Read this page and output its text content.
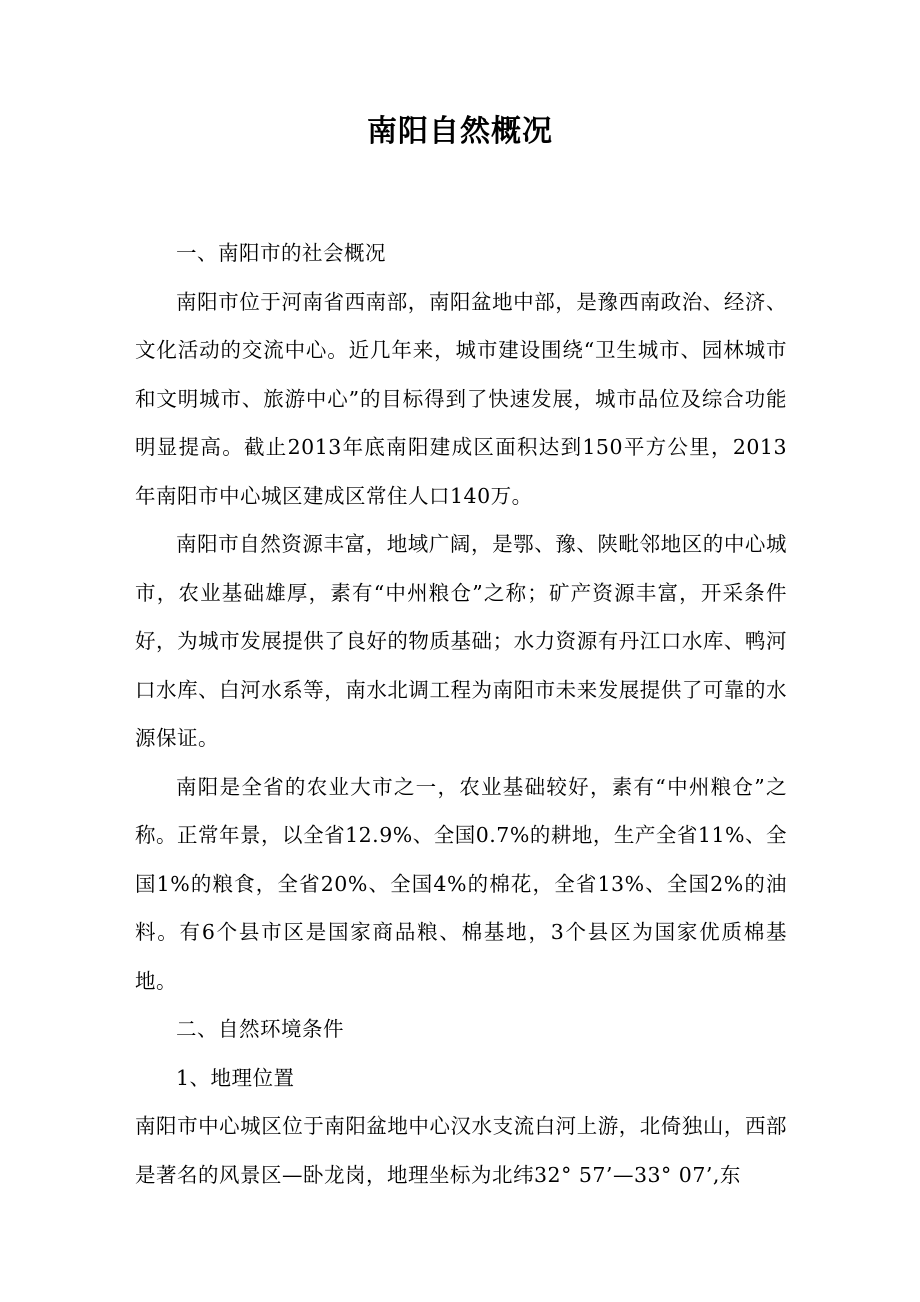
南阳自然概况

一、南阳市的社会概况

南阳市位于河南省西南部，南阳盆地中部，是豫西南政治、经济、文化活动的交流中心。近几年来，城市建设围绕“卫生城市、园林城市和文明城市、旅游中心”的目标得到了快速发展，城市品位及综合功能明显提高。截止2013年底南阳建成区面积达到150平方公里，2013年南阳市中心城区建成区常住人口140万。

南阳市自然资源丰富，地域广阔，是鄂、豫、陕毗邻地区的中心城市，农业基础雄厚，素有“中州粮仓”之称；矿产资源丰富，开采条件好，为城市发展提供了良好的物质基础；水力资源有丹江口水库、鸭河口水库、白河水系等，南水北调工程为南阳市未来发展提供了可靠的水源保证。

南阳是全省的农业大市之一，农业基础较好，素有“中州粮仓”之称。正常年景，以全省12.9%、全国0.7%的耕地，生产全省11%、全国1%的粮食，全省20%、全国4%的棉花，全省13%、全国2%的油料。有6个县市区是国家商品粮、棉基地，3个县区为国家优质棉基地。

二、自然环境条件

1、地理位置

南阳市中心城区位于南阳盆地中心汉水支流白河上游，北倚独山，西部是著名的风景区—卧龙岗，地理坐标为北纬32° 57’—33° 07’,东
